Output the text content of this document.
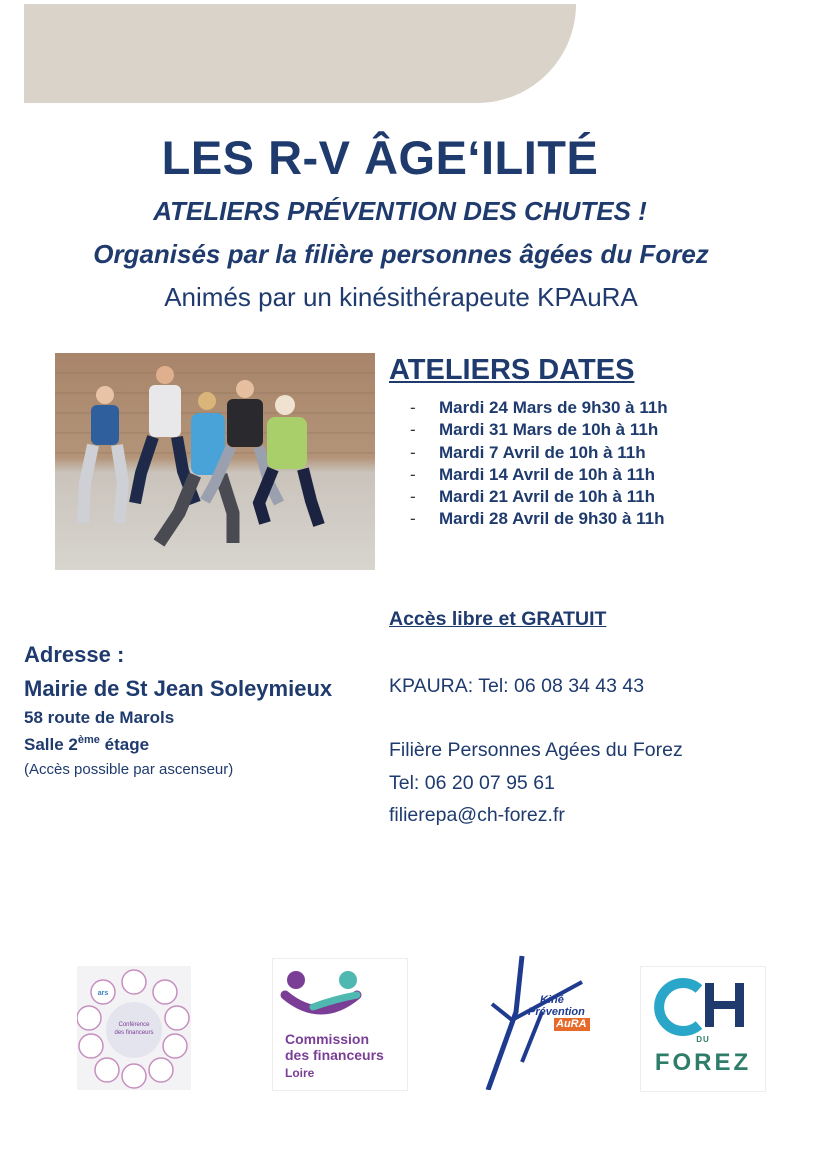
LES R-V ÂGE‘ILITÉ
ATELIERS PRÉVENTION DES CHUTES !
Organisés par la filière personnes âgées du Forez
Animés par un kinésithérapeute KPAuRA
ATELIERS DATES
- Mardi 24 Mars de 9h30 à 11h
- Mardi 31 Mars de 10h à 11h
- Mardi 7 Avril de 10h à 11h
- Mardi 14 Avril de 10h à 11h
- Mardi 21 Avril de 10h à 11h
- Mardi 28 Avril de 9h30 à 11h
Accès libre et GRATUIT
KPAURA: Tel: 06 08 34 43 43
Filière Personnes Agées du Forez
Tel: 06 20 07 95 61
filierepa@ch-forez.fr
Adresse :
Mairie de St Jean Soleymieux
58 route de Marols
Salle 2ème étage
(Accès possible par ascenseur)
Conférence
des financeurs
ars
Commission
des financeurs
Loire
Kiné
Prévention
AuRA
CH
DU
FOREZ
